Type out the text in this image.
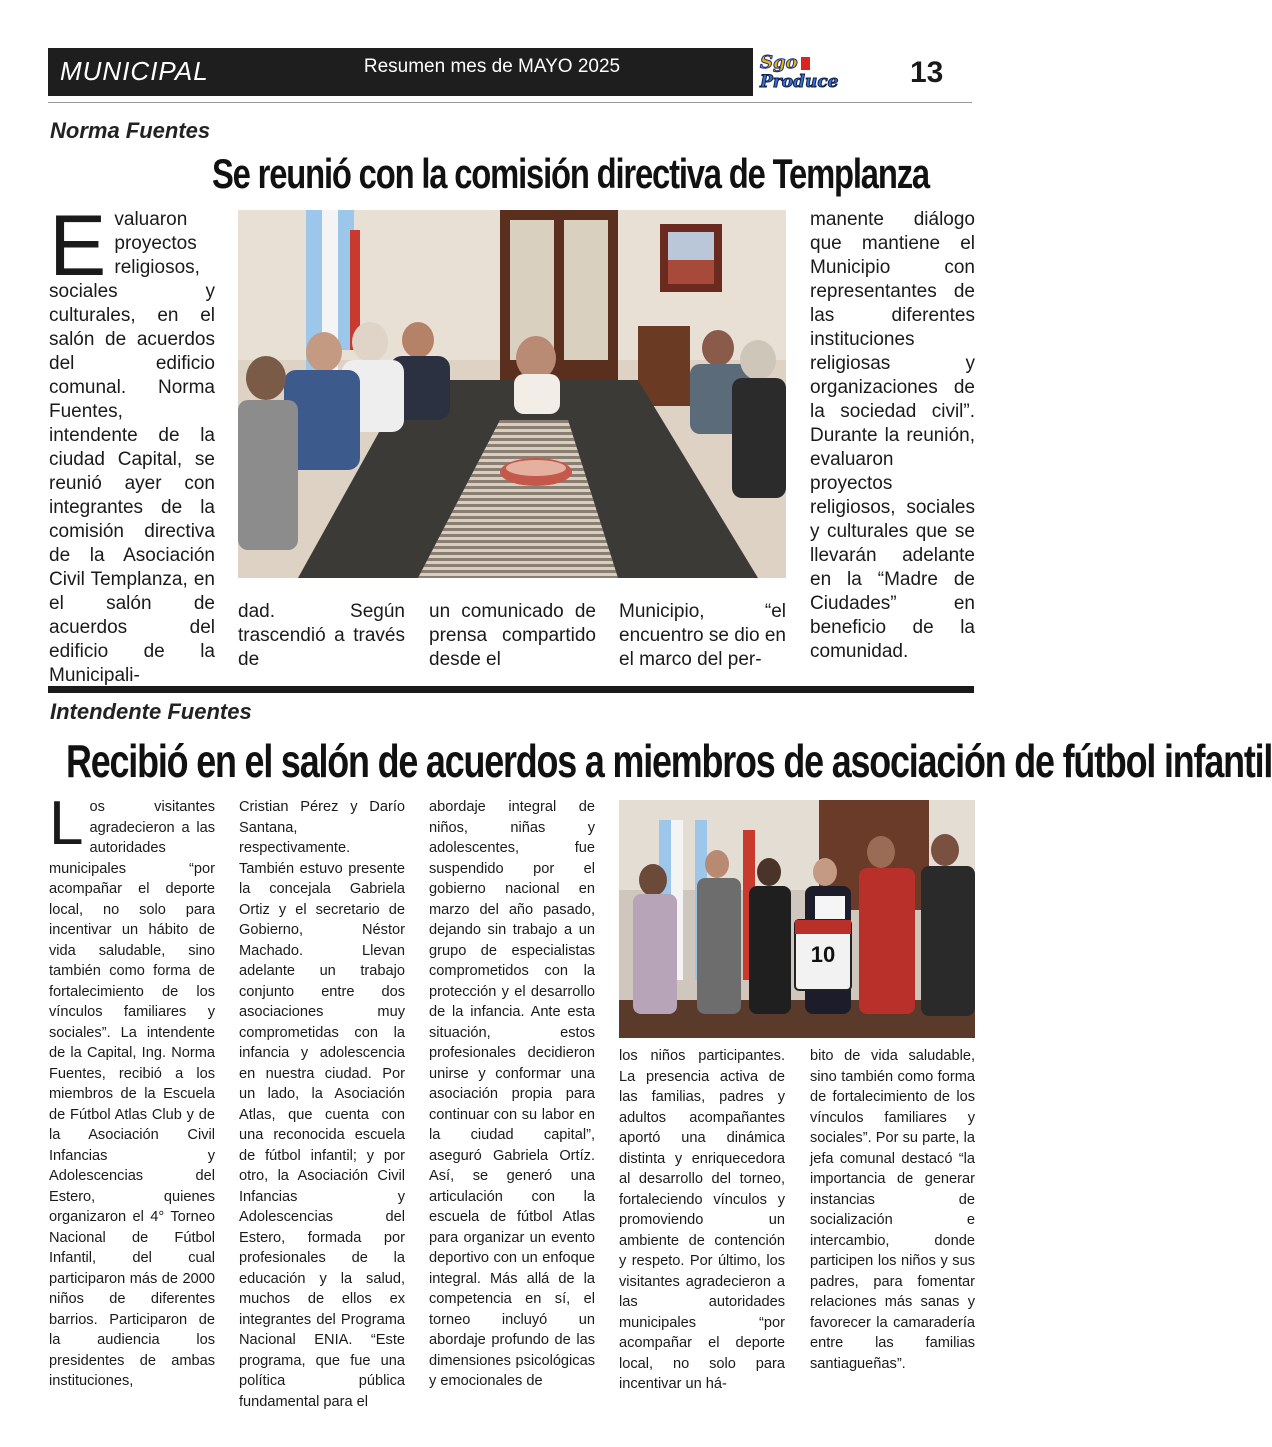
MUNICIPAL	Resumen mes de MAYO 2025	Sgo
Produce 13
Norma Fuentes
Se reunió con la comisión directiva de Templanza
Evaluaron proyectos religiosos, sociales y culturales, en el salón de acuerdos del edificio comunal. Norma Fuentes, intendente de la ciudad Capital, se reunió ayer con integrantes de la comisión directiva de la Asociación Civil Templanza, en el salón de acuerdos del edificio de la Municipali-
dad. Según trascendió a través de
un comunicado de prensa compartido desde el
Municipio, “el encuentro se dio en el marco del per-
manente diálogo que mantiene el Municipio con representantes de las diferentes instituciones religiosas y organizaciones de la sociedad civil”. Durante la reunión, evaluaron proyectos religiosos, sociales y culturales que se llevarán adelante en la “Madre de Ciudades” en beneficio de la comunidad.
Intendente Fuentes
Recibió en el salón de acuerdos a miembros de asociación de fútbol infantil
Los visitantes agradecieron a las autoridades municipales “por acompañar el deporte local, no solo para incentivar un hábito de vida saludable, sino también como forma de fortalecimiento de los vínculos familiares y sociales”. La intendente de la Capital, Ing. Norma Fuentes, recibió a los miembros de la Escuela de Fútbol Atlas Club y de la Asociación Civil Infancias y Adolescencias del Estero, quienes organizaron el 4° Torneo Nacional de Fútbol Infantil, del cual participaron más de 2000 niños de diferentes barrios. Participaron de la audiencia los presidentes de ambas instituciones,
Cristian Pérez y Darío Santana, respectivamente. También estuvo presente la concejala Gabriela Ortiz y el secretario de Gobierno, Néstor Machado. Llevan adelante un trabajo conjunto entre dos asociaciones muy comprometidas con la infancia y adolescencia en nuestra ciudad. Por un lado, la Asociación Atlas, que cuenta con una reconocida escuela de fútbol infantil; y por otro, la Asociación Civil Infancias y Adolescencias del Estero, formada por profesionales de la educación y la salud, muchos de ellos ex integrantes del Programa Nacional ENIA. “Este programa, que fue una política pública fundamental para el
abordaje integral de niños, niñas y adolescentes, fue suspendido por el gobierno nacional en marzo del año pasado, dejando sin trabajo a un grupo de especialistas comprometidos con la protección y el desarrollo de la infancia. Ante esta situación, estos profesionales decidieron unirse y conformar una asociación propia para continuar con su labor en la ciudad capital”, aseguró Gabriela Ortíz. Así, se generó una articulación con la escuela de fútbol Atlas para organizar un evento deportivo con un enfoque integral. Más allá de la competencia en sí, el torneo incluyó un abordaje profundo de las dimensiones psicológicas y emocionales de
10
los niños participantes. La presencia activa de las familias, padres y adultos acompañantes aportó una dinámica distinta y enriquecedora al desarrollo del torneo, fortaleciendo vínculos y promoviendo un ambiente de contención y respeto. Por último, los visitantes agradecieron a las autoridades municipales “por acompañar el deporte local, no solo para incentivar un há-
bito de vida saludable, sino también como forma de fortalecimiento de los vínculos familiares y sociales”. Por su parte, la jefa comunal destacó “la importancia de generar instancias de socialización e intercambio, donde participen los niños y sus padres, para fomentar relaciones más sanas y favorecer la camaradería entre las familias santiagueñas”.
